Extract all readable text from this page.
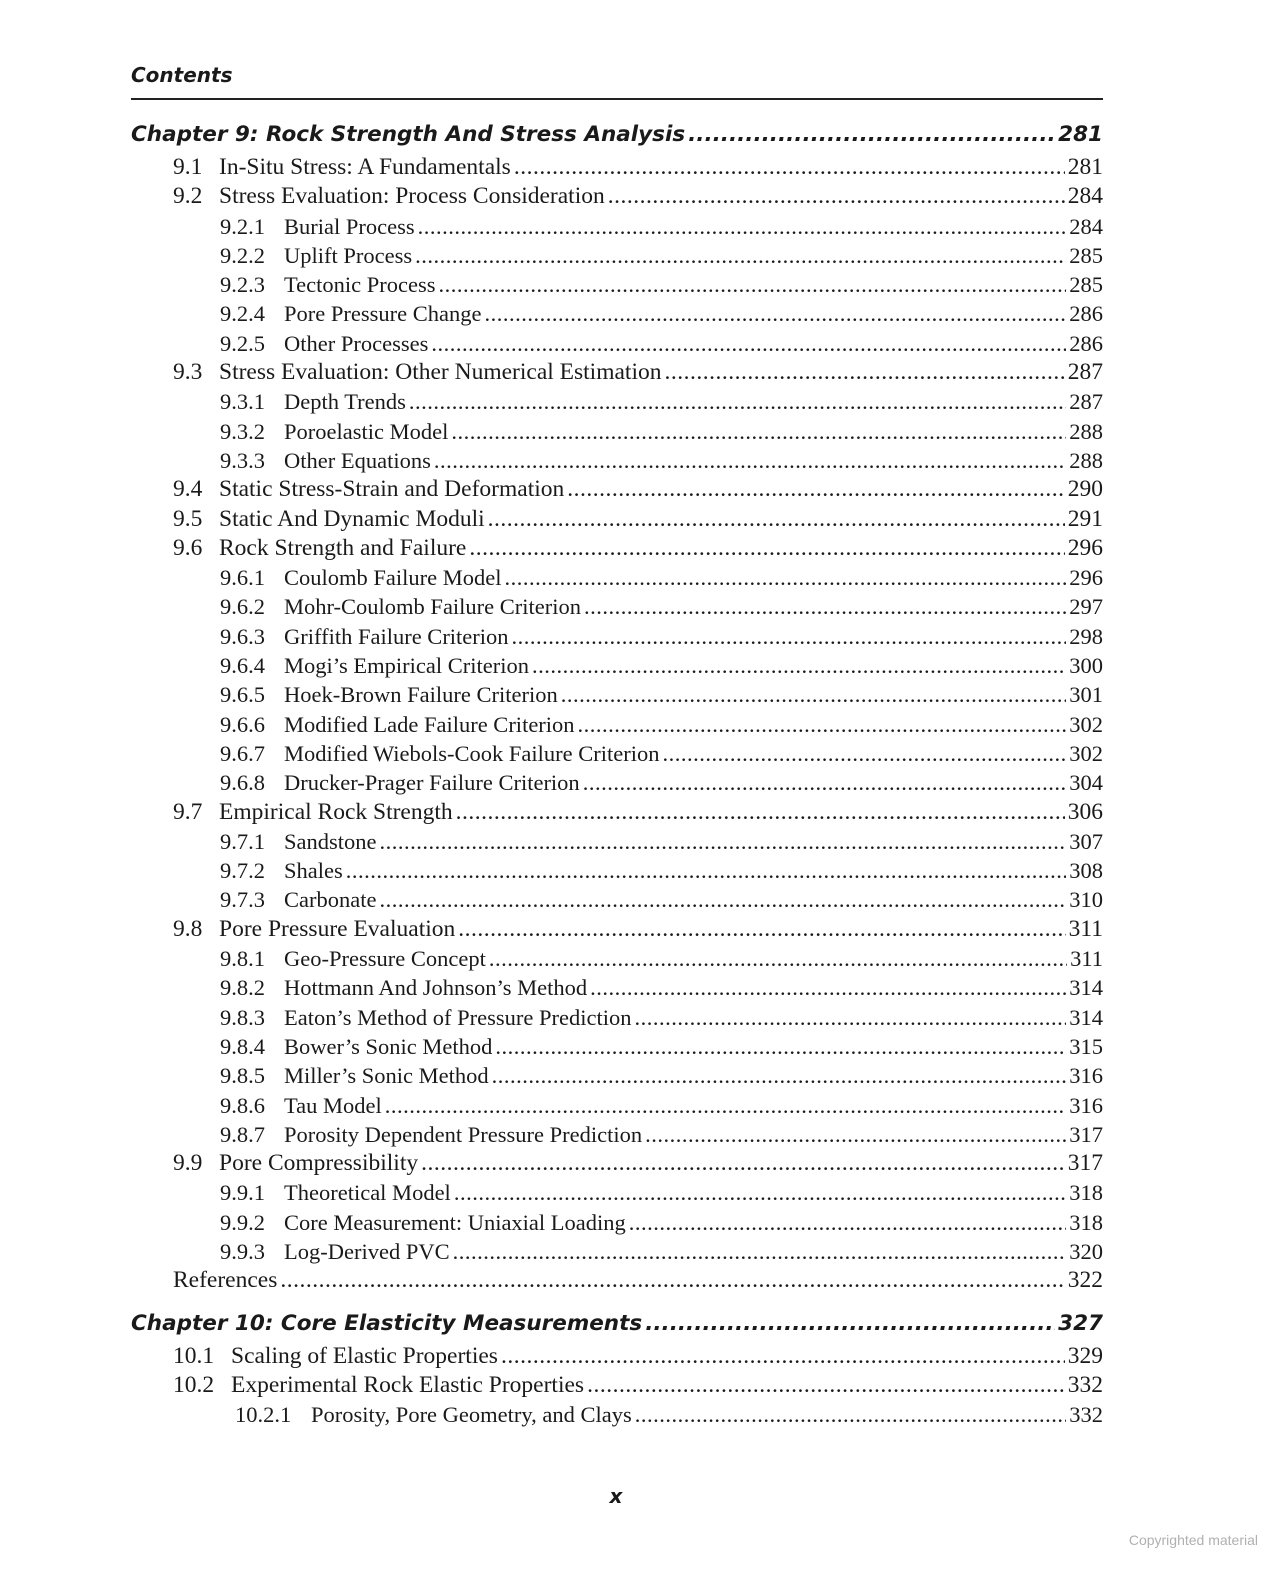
Contents
Chapter 9: Rock Strength And Stress Analysis .....	281
9.1 In-Situ Stress: A Fundamentals .....	281
9.2 Stress Evaluation: Process Consideration .....	284
9.2.1 Burial Process .....	284
9.2.2 Uplift Process .....	285
9.2.3 Tectonic Process .....	285
9.2.4 Pore Pressure Change .....	286
9.2.5 Other Processes .....	286
9.3 Stress Evaluation: Other Numerical Estimation .....	287
9.3.1 Depth Trends .....	287
9.3.2 Poroelastic Model .....	288
9.3.3 Other Equations .....	288
9.4 Static Stress-Strain and Deformation .....	290
9.5 Static And Dynamic Moduli .....	291
9.6 Rock Strength and Failure .....	296
9.6.1 Coulomb Failure Model .....	296
9.6.2 Mohr-Coulomb Failure Criterion .....	297
9.6.3 Griffith Failure Criterion .....	298
9.6.4 Mogi’s Empirical Criterion .....	300
9.6.5 Hoek-Brown Failure Criterion .....	301
9.6.6 Modified Lade Failure Criterion .....	302
9.6.7 Modified Wiebols-Cook Failure Criterion .....	302
9.6.8 Drucker-Prager Failure Criterion .....	304
9.7 Empirical Rock Strength .....	306
9.7.1 Sandstone .....	307
9.7.2 Shales .....	308
9.7.3 Carbonate .....	310
9.8 Pore Pressure Evaluation .....	311
9.8.1 Geo-Pressure Concept .....	311
9.8.2 Hottmann And Johnson’s Method .....	314
9.8.3 Eaton’s Method of Pressure Prediction .....	314
9.8.4 Bower’s Sonic Method .....	315
9.8.5 Miller’s Sonic Method .....	316
9.8.6 Tau Model .....	316
9.8.7 Porosity Dependent Pressure Prediction .....	317
9.9 Pore Compressibility .....	317
9.9.1 Theoretical Model .....	318
9.9.2 Core Measurement: Uniaxial Loading .....	318
9.9.3 Log-Derived PVC .....	320
References .....	322
Chapter 10: Core Elasticity Measurements .....	327
10.1 Scaling of Elastic Properties .....	329
10.2 Experimental Rock Elastic Properties .....	332
10.2.1 Porosity, Pore Geometry, and Clays .....	332
x
Copyrighted material
